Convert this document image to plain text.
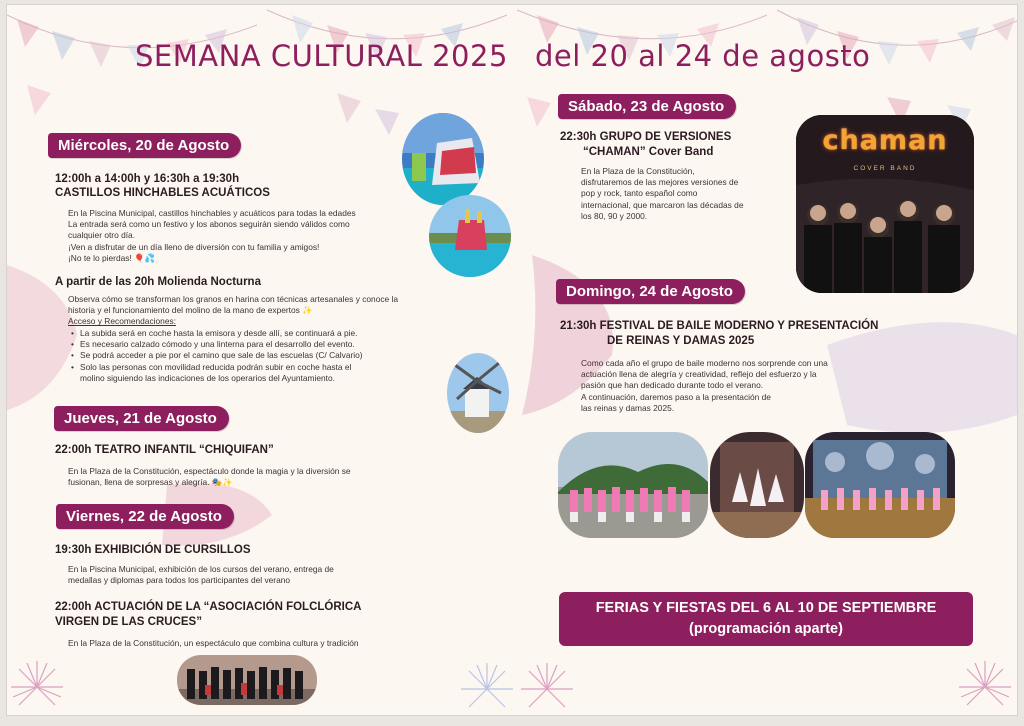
SEMANA CULTURAL 2025 del 20 al 24 de agosto
Miércoles, 20 de Agosto
12:00h a 14:00h y 16:30h a 19:30h
CASTILLOS HINCHABLES ACUÁTICOS
En la Piscina Municipal, castillos hinchables y acuáticos para todas la edades
La entrada será como un festivo y los abonos seguirán siendo válidos como
cualquier otro día.
¡Ven a disfrutar de un día lleno de diversión con tu familia y amigos!
¡No te lo pierdas! 🎈💦
A partir de las 20h Molienda Nocturna
Observa cómo se transforman los granos en harina con técnicas artesanales y conoce la
historia y el funcionamiento del molino de la mano de expertos ✨
Acceso y Recomendaciones:
• La subida será en coche hasta la emisora y desde allí, se continuará a pie.
• Es necesario calzado cómodo y una linterna para el desarrollo del evento.
• Se podrá acceder a pie por el camino que sale de las escuelas (C/ Calvario)
• Solo las personas con movilidad reducida podrán subir en coche hasta el
molino siguiendo las indicaciones de los operarios del Ayuntamiento.
Jueves, 21 de Agosto
22:00h TEATRO INFANTIL “CHIQUIFAN”
En la Plaza de la Constitución, espectáculo donde la magia y la diversión se
fusionan, llena de sorpresas y alegría. 🎭✨
Viernes, 22 de Agosto
19:30h EXHIBICIÓN DE CURSILLOS
En la Piscina Municipal, exhibición de los cursos del verano, entrega de
medallas y diplomas para todos los participantes del verano
22:00h ACTUACIÓN DE LA “ASOCIACIÓN FOLCLÓRICA
VIRGEN DE LAS CRUCES”
En la Plaza de la Constitución, un espectáculo que combina cultura y tradición
Sábado, 23 de Agosto
22:30h GRUPO DE VERSIONES
“CHAMAN” Cover Band
En la Plaza de la Constitución,
disfrutaremos de las mejores versiones de
pop y rock, tanto español como
internacional, que marcaron las décadas de
los 80, 90 y 2000.
chaman
COVER BAND
Domingo, 24 de Agosto
21:30h FESTIVAL DE BAILE MODERNO Y PRESENTACIÓN
DE REINAS Y DAMAS 2025
Como cada año el grupo de baile moderno nos sorprende con una
actuación llena de alegría y creatividad, reflejo del esfuerzo y la
pasión que han dedicado durante todo el verano.
A continuación, daremos paso a la presentación de
las reinas y damas 2025.
FERIAS Y FIESTAS DEL 6 AL 10 DE SEPTIEMBRE
(programación aparte)
